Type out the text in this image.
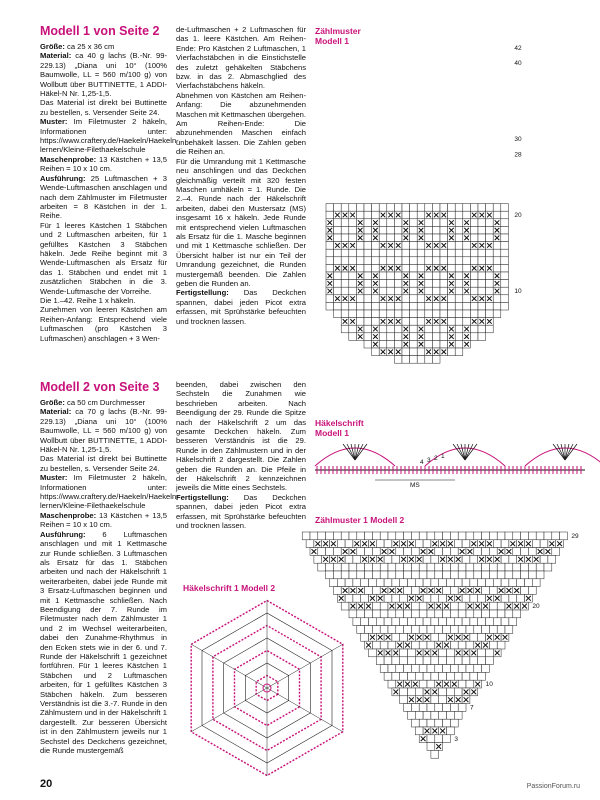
Modell 1 von Seite 2

Größe: ca 25 x 36 cm

Material: ca 40 g lachs (B.-Nr. 99-229.13) „Diana uni 10“ (100% Baumwolle, LL = 560 m/100 g) von Wollbutt über BUTTINETTE, 1 ADDI-Häkel-N Nr. 1,25-1,5.

Das Material ist direkt bei Buttinette zu bestellen, s. Versender Seite 24.

Muster: Im Filetmuster 2 häkeln, Informationen unter: https://www.craftery.de/Haekeln/Haekeln-lernen/Kleine-Filethaekelschule

Maschenprobe: 13 Kästchen + 13,5 Reihen = 10 x 10 cm.

Ausführung: 25 Luftmaschen + 3 Wende-Luftmaschen anschlagen und nach dem Zählmuster im Filetmuster arbeiten = 8 Kästchen in der 1. Reihe.

Für 1 leeres Kästchen 1 Stäbchen und 2 Luftmaschen arbeiten, für 1 gefülltes Kästchen 3 Stäbchen häkeln. Jede Reihe beginnt mit 3 Wende-Luftmaschen als Ersatz für das 1. Stäbchen und endet mit 1 zusätzlichen Stäbchen in die 3. Wende-Luftmasche der Vorreihe.

Die 1.–42. Reihe 1 x häkeln.

Zunehmen von leeren Kästchen am Reihen-Anfang: Entsprechend viele Luftmaschen (pro Kästchen 3 Luftmaschen) anschlagen + 3 Wen-

de-Luftmaschen + 2 Luftmaschen für das 1. leere Kästchen. Am Reihen-Ende: Pro Kästchen 2 Luftmaschen, 1 Vierfachstäbchen in die Einstichstelle des zuletzt gehäkelten Stäbchens bzw. in das 2. Abmaschglied des Vierfachstäbchens häkeln.

Abnehmen von Kästchen am Reihen-Anfang: Die abzunehmenden Maschen mit Kettmaschen übergehen. Am Reihen-Ende: Die abzunehmenden Maschen einfach unbehäkelt lassen. Die Zahlen geben die Reihen an.

Für die Umrandung mit 1 Kettmasche neu anschlingen und das Deckchen gleichmäßig verteilt mit 320 festen Maschen umhäkeln = 1. Runde. Die 2.–4. Runde nach der Häkelschrift arbeiten, dabei den Mustersatz (MS) insgesamt 16 x häkeln. Jede Runde mit entsprechend vielen Luftmaschen als Ersatz für die 1. Masche beginnen und mit 1 Kettmasche schließen. Der Übersicht halber ist nur ein Teil der Umrandung gezeichnet, die Runden mustergemäß beenden. Die Zahlen geben die Runden an.

Fertigstellung: Das Deckchen spannen, dabei jeden Picot extra erfassen, mit Sprühstärke befeuchten und trocknen lassen.

Modell 2 von Seite 3

Größe: ca 50 cm Durchmesser

Material: ca 70 g lachs (B.-Nr. 99-229.13) „Diana uni 10“ (100% Baumwolle, LL = 560 m/100 g) von Wollbutt über BUTTINETTE, 1 ADDI-Häkel-N Nr. 1,25-1,5.

Das Material ist direkt bei Buttinette zu bestellen, s. Versender Seite 24.

Muster: Im Filetmuster 2 häkeln, Informationen unter: https://www.craftery.de/Haekeln/Haekeln-lernen/Kleine-Filethaekelschule

Maschenprobe: 13 Kästchen + 13,5 Reihen = 10 x 10 cm.

Ausführung: 6 Luftmaschen anschlagen und mit 1 Kettmasche zur Runde schließen. 3 Luftmaschen als Ersatz für das 1. Stäbchen arbeiten und nach der Häkelschrift 1 weiterarbeiten, dabei jede Runde mit 3 Ersatz-Luftmaschen beginnen und mit 1 Kettmasche schließen. Nach Beendigung der 7. Runde im Filetmuster nach dem Zählmuster 1 und 2 im Wechsel weiterarbeiten, dabei den Zunahme-Rhythmus in den Ecken stets wie in der 6. und 7. Runde der Häkelschrift 1 gezeichnet fortführen. Für 1 leeres Kästchen 1 Stäbchen und 2 Luftmaschen arbeiten, für 1 gefülltes Kästchen 3 Stäbchen häkeln. Zum besseren Verständnis ist die 3.-7. Runde in den Zählmustern und in der Häkelschrift 1 dargestellt. Zur besseren Übersicht ist in den Zählmustern jeweils nur 1 Sechstel des Deckchens gezeichnet, die Runde mustergemäß

beenden, dabei zwischen den Sechsteln die Zunahmen wie beschrieben arbeiten. Nach Beendigung der 29. Runde die Spitze nach der Häkelschrift 2 um das gesamte Deckchen häkeln. Zum besseren Verständnis ist die 29. Runde in den Zählmustern und in der Häkelschrift 2 dargestellt. Die Zahlen geben die Runden an. Die Pfeile in der Häkelschrift 2 kennzeichnen jeweils die Mitte eines Sechstels.

Fertigstellung: Das Deckchen spannen, dabei jeden Picot extra erfassen, mit Sprühstärke befeuchten und trocknen lassen.

Zählmuster
Modell 1
42
40
30
28
20
10
Häkelschrift
Modell 1
MS
4 3 2 1
Zählmuster 1 Modell 2
29
20
10
7
3
Häkelschrift 1 Modell 2
20	PassionForum.ru
